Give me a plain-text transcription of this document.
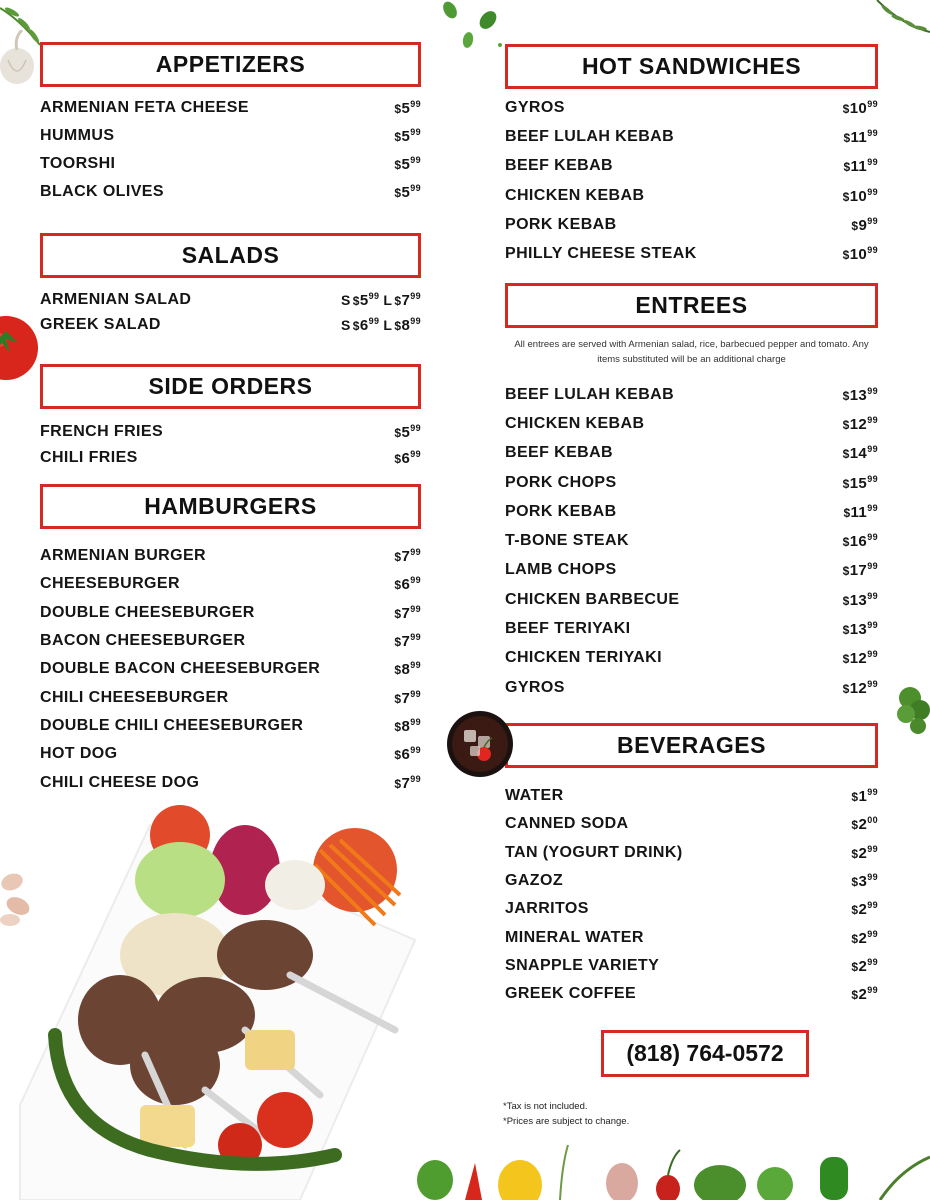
APPETIZERS
ARMENIAN FETA CHEESE	$\$5^{99}$
HUMMUS	$\$5^{99}$
TOORSHI	$\$5^{99}$
BLACK OLIVES	$\$5^{99}$
SALADS
ARMENIAN SALAD	S $\$5^{99}$ L $\$7^{99}$
GREEK SALAD	S $\$6^{99}$ L $\$8^{99}$
SIDE ORDERS
FRENCH FRIES	$\$5^{99}$
CHILI FRIES	$\$6^{99}$
HAMBURGERS
ARMENIAN BURGER	$\$7^{99}$
CHEESEBURGER	$\$6^{99}$
DOUBLE CHEESEBURGER	$\$7^{99}$
BACON CHEESEBURGER	$\$7^{99}$
DOUBLE BACON CHEESEBURGER	$\$8^{99}$
CHILI CHEESEBURGER	$\$7^{99}$
DOUBLE CHILI CHEESEBURGER	$\$8^{99}$
HOT DOG	$\$6^{99}$
CHILI CHEESE DOG	$\$7^{99}$
HOT SANDWICHES
GYROS	$\$10^{99}$
BEEF LULAH KEBAB	$\$11^{99}$
BEEF KEBAB	$\$11^{99}$
CHICKEN KEBAB	$\$10^{99}$
PORK KEBAB	$\$9^{99}$
PHILLY CHEESE STEAK	$\$10^{99}$
ENTREES

All entrees are served with Armenian salad, rice, barbecued pepper and tomato. Any items substituted will be an additional charge

BEEF LULAH KEBAB	$\$13^{99}$
CHICKEN KEBAB	$\$12^{99}$
BEEF KEBAB	$\$14^{99}$
PORK CHOPS	$\$15^{99}$
PORK KEBAB	$\$11^{99}$
T-BONE STEAK	$\$16^{99}$
LAMB CHOPS	$\$17^{99}$
CHICKEN BARBECUE	$\$13^{99}$
BEEF TERIYAKI	$\$13^{99}$
CHICKEN TERIYAKI	$\$12^{99}$
GYROS	$\$12^{99}$
BEVERAGES
WATER	$\$1^{99}$
CANNED SODA	$\$2^{00}$
TAN (YOGURT DRINK)	$\$2^{99}$
GAZOZ	$\$3^{99}$
JARRITOS	$\$2^{99}$
MINERAL WATER	$\$2^{99}$
SNAPPLE VARIETY	$\$2^{99}$
GREEK COFFEE	$\$2^{99}$
(818) 764-0572
*Tax is not included.
*Prices are subject to change.
